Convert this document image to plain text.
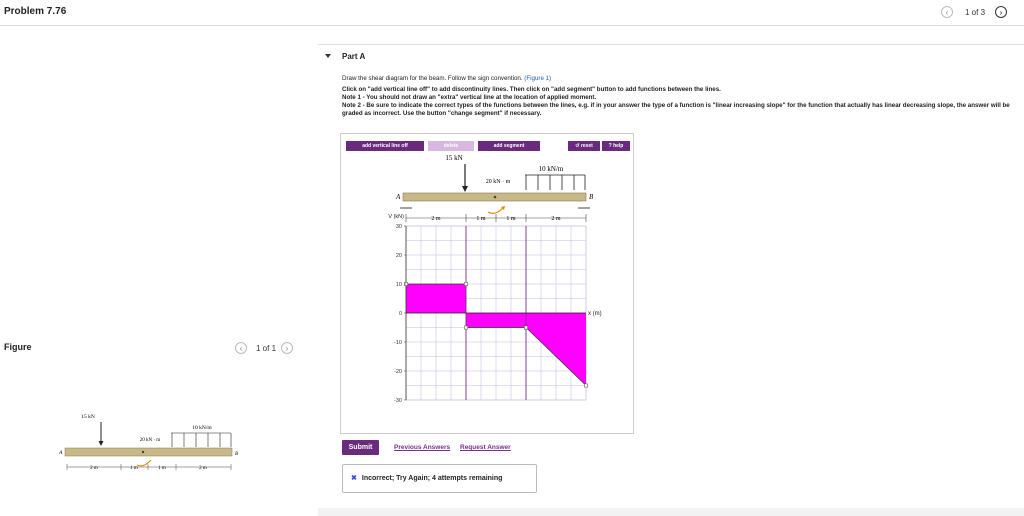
Problem 7.76	‹	1 of 3	›
Part A
Draw the shear diagram for the beam. Follow the sign convention. (Figure 1)
Click on "add vertical line off" to add discontinuity lines. Then click on "add segment" button to add functions between the lines.
Note 1 - You should not draw an "extra" vertical line at the location of applied moment.
Note 2 - Be sure to indicate the correct types of the functions between the lines, e.g. if in your answer the type of a function is "linear increasing slope" for the function that actually has linear decreasing slope, the answer will be graded as incorrect. Use the button "change segment" if necessary.
add vertical line off	delete	add segment	↺ reset	? help
15 kN
10 kN/m
20 kN · m
A	B
2 m	1 m	1 m	2 m
30
20
10
0
-10
-20
-30
V (kN)
x (m)
Figure	‹	1 of 1	›
15 kN
10 kN/m
20 kN · m
A	B
2 m	1 m	1 m	2 m
Submit	Previous Answers Request Answer
✖ Incorrect; Try Again; 4 attempts remaining
